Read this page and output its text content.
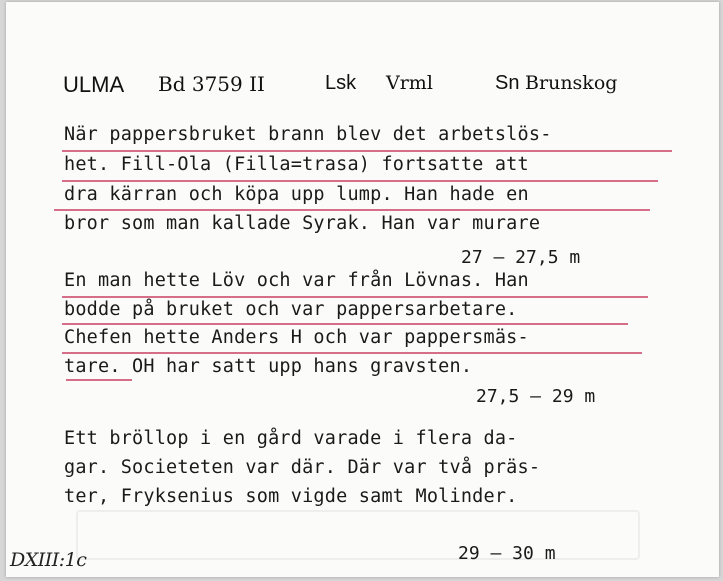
ULMA Bd 3759 II	Lsk Vrml	Sn Brunskog
När pappersbruket brann blev det arbetslös-
het. Fill-Ola (Filla=trasa) fortsatte att
dra kärran och köpa upp lump. Han hade en
bror som man kallade Syrak. Han var murare
27 – 27,5 m
En man hette Löv och var från Lövnas. Han
bodde på bruket och var pappersarbetare.
Chefen hette Anders H och var pappersmäs-
tare. OH har satt upp hans gravsten.
27,5 – 29 m
Ett bröllop i en gård varade i flera da-
gar. Societeten var där. Där var två präs-
ter, Fryksenius som vigde samt Molinder.
29 – 30 m
DXIII:1c
